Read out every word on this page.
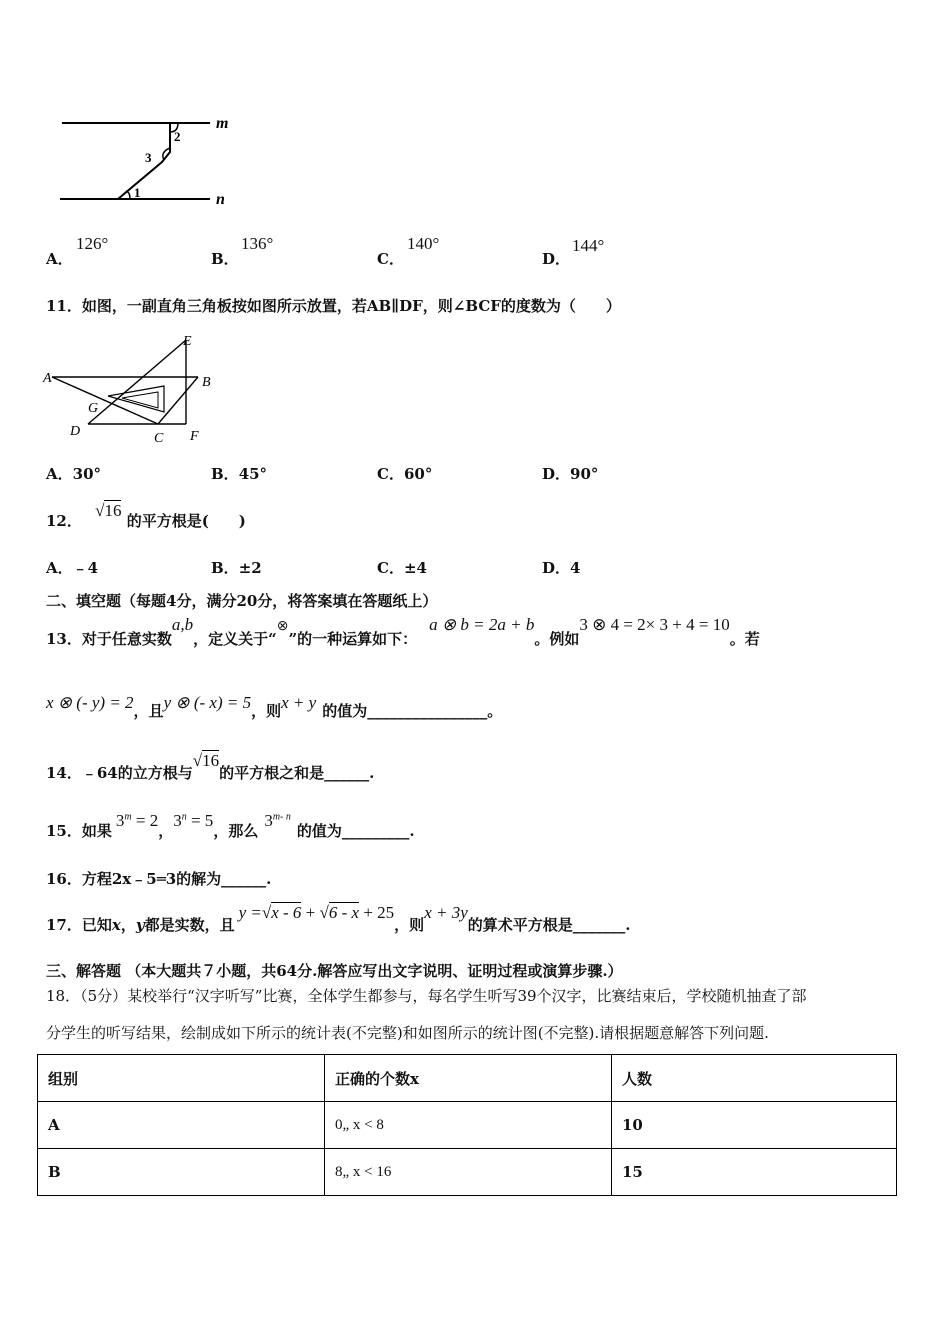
2
3
1
m
n
A．
126°
B．
136°
C．
140°
D．
144°
11．如图，一副直角三角板按如图所示放置，若AB∥DF，则∠BCF的度数为（　　）
A	B
C
D
E
F
G
A．30°	B．45°	C．60°	D．90°
12． √16 的平方根是(　　)
A．﹣4	B．±2	C．±4	D．4
二、填空题（每题4分，满分20分，将答案填在答题纸上）
13．对于任意实数a,b，定义关于“⊗”的一种运算如下：a ⊗ b = 2a + b。例如3 ⊗ 4 = 2× 3 + 4 = 10。若
x ⊗ (- y) = 2，且y ⊗ (- x) = 5，则x + y 的值为________________。
14．﹣64的立方根与√16的平方根之和是______.
15．如果$3^m = 2$，$3^n = 5$，那么3$^{m- n}$的值为_________.
16．方程2x﹣5═3的解为______.
17．已知x，y都是实数，且y =√x - 6 + √6 - x + 25，则x + 3y的算术平方根是_______.
三、解答题 （本大题共７小题，共64分.解答应写出文字说明、证明过程或演算步骤.）
18．（5分）某校举行“汉字听写”比赛，全体学生都参与，每名学生听写39个汉字，比赛结束后，学校随机抽查了部
分学生的听写结果，绘制成如下所示的统计表(不完整)和如图所示的统计图(不完整).请根据题意解答下列问题.
组别	正确的个数x	人数
A	0„ x < 8	10
B	8„ x < 16	15
